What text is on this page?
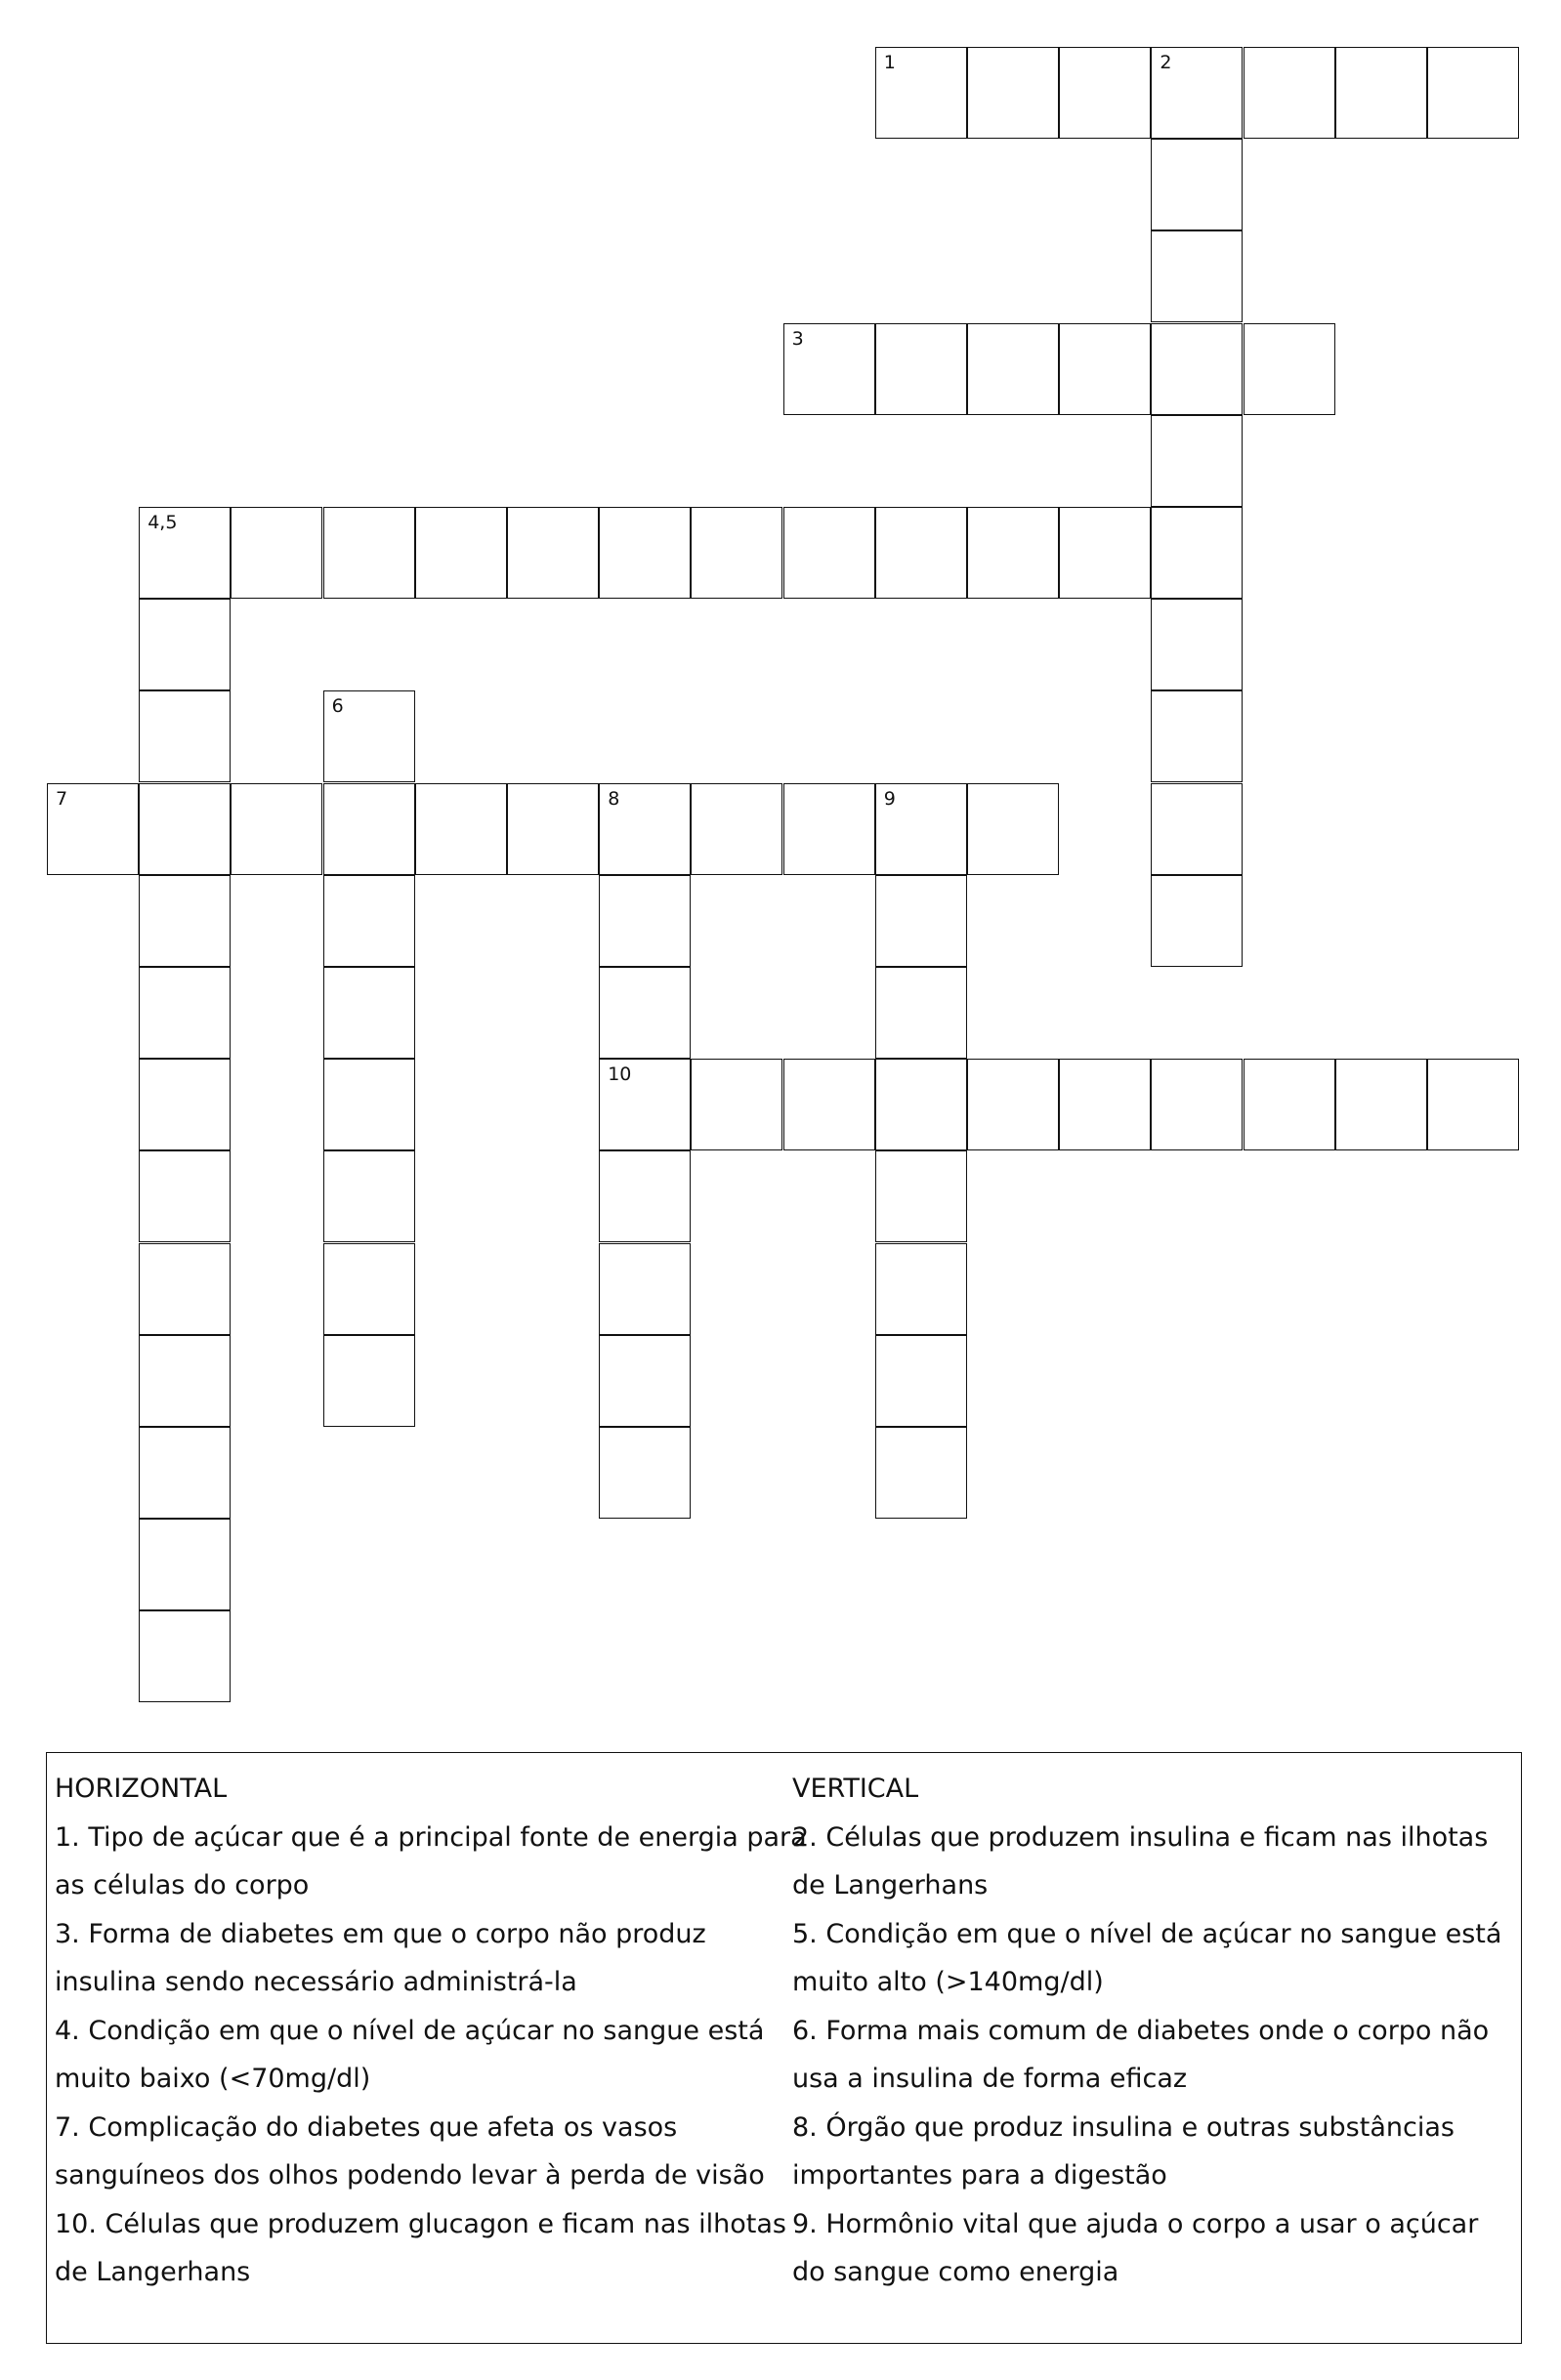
1	2
3
4,5
6
7	8	9
10

HORIZONTAL

1. Tipo de açúcar que é a principal fonte de energia para as células do corpo

3. Forma de diabetes em que o corpo não produz insulina sendo necessário administrá-la

4. Condição em que o nível de açúcar no sangue está muito baixo (<70mg/dl)

7. Complicação do diabetes que afeta os vasos sanguíneos dos olhos podendo levar à perda de visão

10. Células que produzem glucagon e ficam nas ilhotas de Langerhans

VERTICAL

2. Células que produzem insulina e ficam nas ilhotas de Langerhans

5. Condição em que o nível de açúcar no sangue está muito alto (>140mg/dl)

6. Forma mais comum de diabetes onde o corpo não usa a insulina de forma eficaz

8. Órgão que produz insulina e outras substâncias importantes para a digestão

9. Hormônio vital que ajuda o corpo a usar o açúcar do sangue como energia
